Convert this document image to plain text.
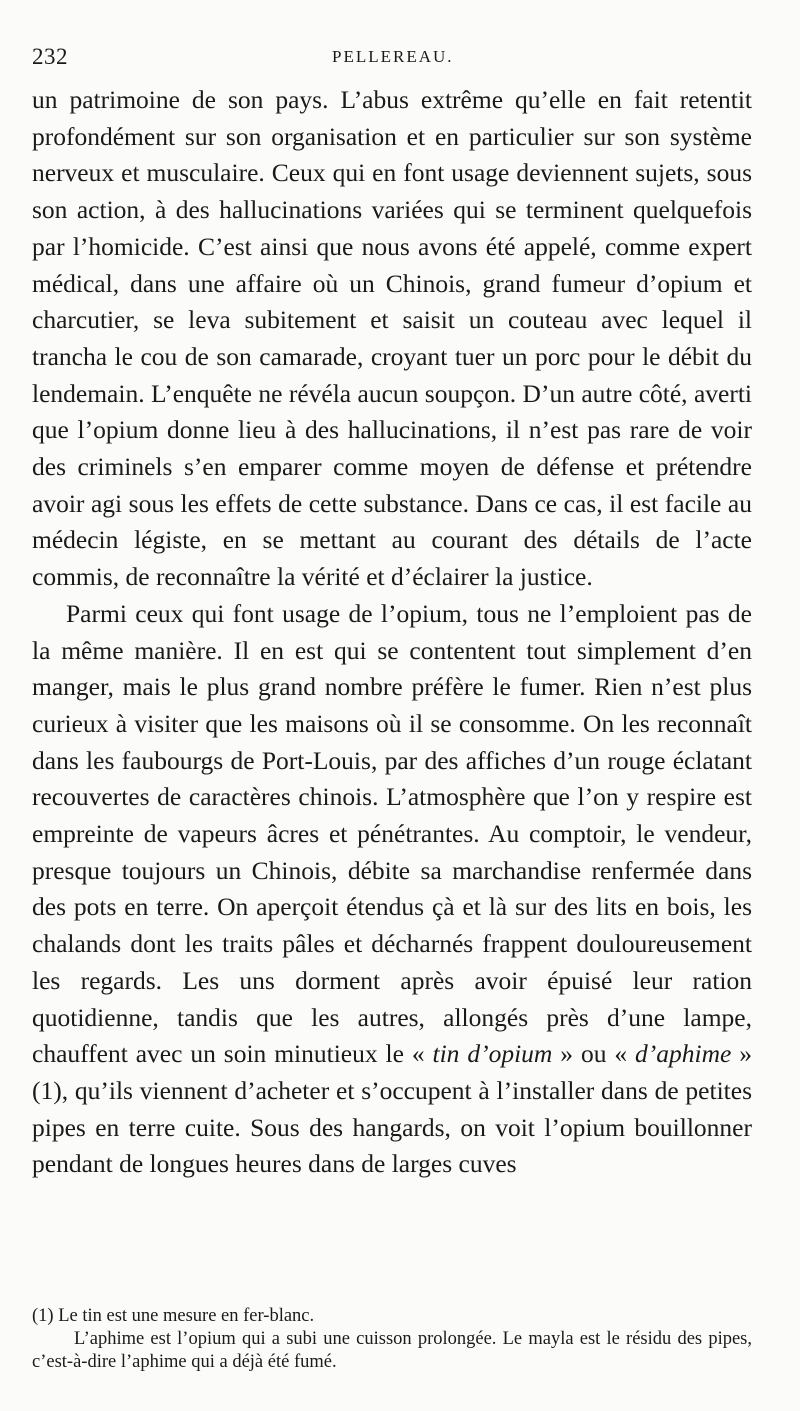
232	PELLEREAU.

un patrimoine de son pays. L’abus extrême qu’elle en fait retentit profondément sur son organisation et en particulier sur son système nerveux et musculaire. Ceux qui en font usage deviennent sujets, sous son action, à des hallucinations variées qui se terminent quelquefois par l’homicide. C’est ainsi que nous avons été appelé, comme expert médical, dans une affaire où un Chinois, grand fumeur d’opium et charcutier, se leva subitement et saisit un couteau avec lequel il trancha le cou de son camarade, croyant tuer un porc pour le débit du lendemain. L’enquête ne révéla aucun soupçon. D’un autre côté, averti que l’opium donne lieu à des hallucinations, il n’est pas rare de voir des criminels s’en emparer comme moyen de défense et prétendre avoir agi sous les effets de cette substance. Dans ce cas, il est facile au médecin légiste, en se mettant au courant des détails de l’acte commis, de reconnaître la vérité et d’éclairer la justice.

Parmi ceux qui font usage de l’opium, tous ne l’emploient pas de la même manière. Il en est qui se contentent tout simplement d’en manger, mais le plus grand nombre préfère le fumer. Rien n’est plus curieux à visiter que les maisons où il se consomme. On les reconnaît dans les faubourgs de Port-Louis, par des affiches d’un rouge éclatant recouvertes de caractères chinois. L’atmosphère que l’on y respire est empreinte de vapeurs âcres et pénétrantes. Au comptoir, le vendeur, presque toujours un Chinois, débite sa marchandise renfermée dans des pots en terre. On aperçoit étendus çà et là sur des lits en bois, les chalands dont les traits pâles et décharnés frappent douloureusement les regards. Les uns dorment après avoir épuisé leur ration quotidienne, tandis que les autres, allongés près d’une lampe, chauffent avec un soin minutieux le « tin d’opium » ou « d’aphime » (1), qu’ils viennent d’acheter et s’occupent à l’installer dans de petites pipes en terre cuite. Sous des hangards, on voit l’opium bouillonner pendant de longues heures dans de larges cuves

(1) Le tin est une mesure en fer-blanc.

L’aphime est l’opium qui a subi une cuisson prolongée. Le mayla est le résidu des pipes, c’est-à-dire l’aphime qui a déjà été fumé.
